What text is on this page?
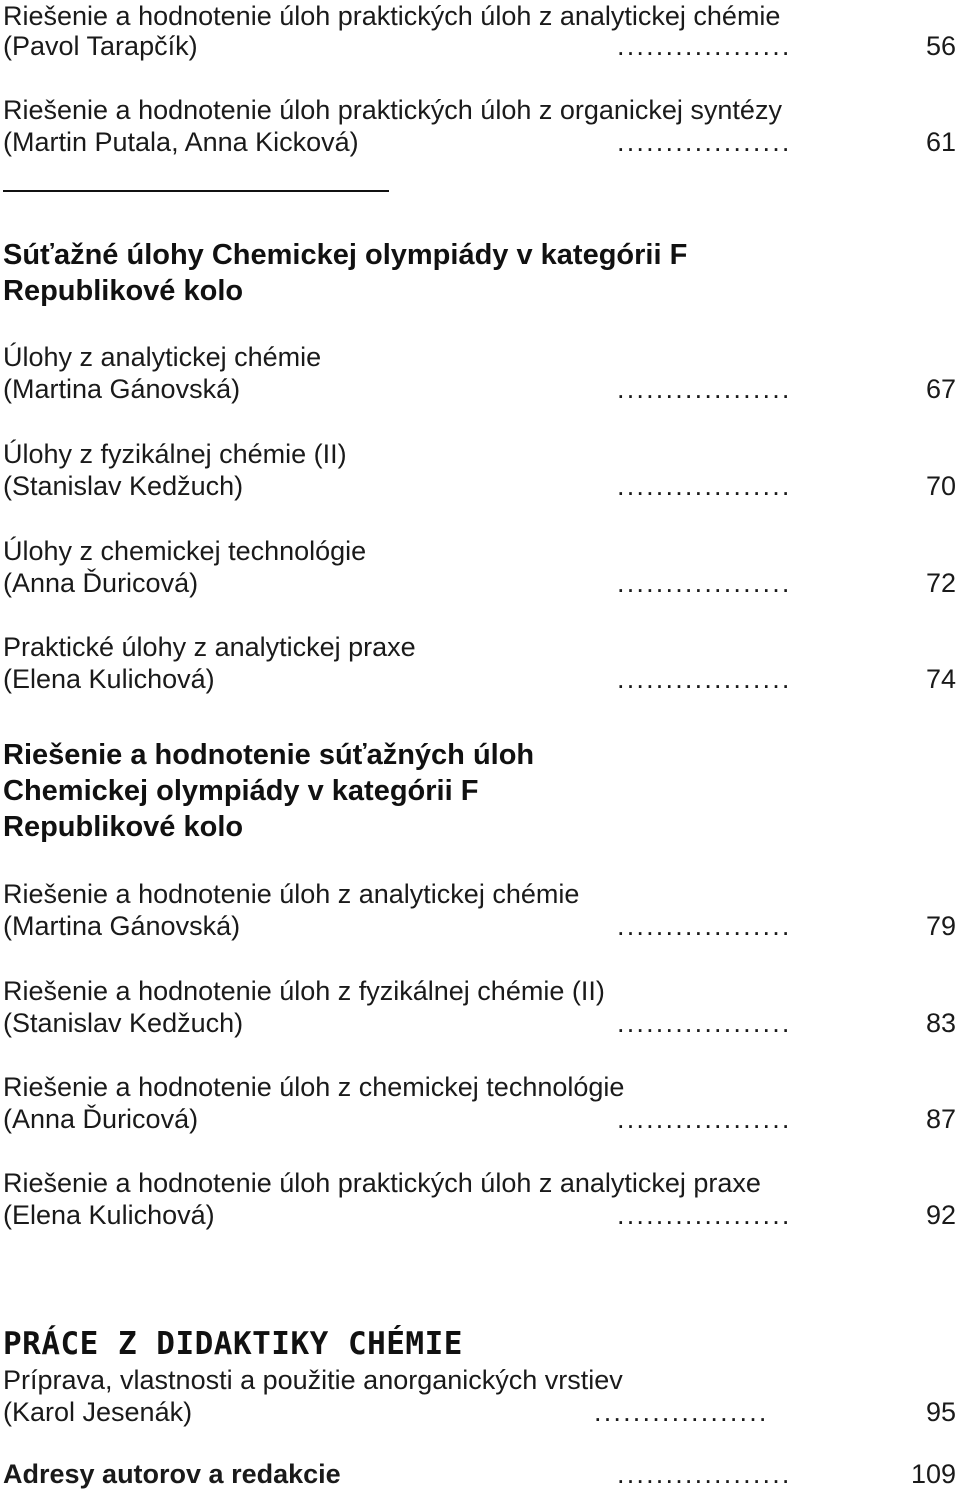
Riešenie a hodnotenie úloh praktických úloh z analytickej chémie
(Pavol Tarapčík)	..................	56
Riešenie a hodnotenie úloh praktických úloh z organickej syntézy
(Martin Putala, Anna Kicková)	..................	61
Súťažné úlohy Chemickej olympiády v kategórii F
Republikové kolo
Úlohy z analytickej chémie
(Martina Gánovská)	..................	67
Úlohy z fyzikálnej chémie (II)
(Stanislav Kedžuch)	..................	70
Úlohy z chemickej technológie
(Anna Ďuricová)	..................	72
Praktické úlohy z analytickej praxe
(Elena Kulichová)	..................	74
Riešenie a hodnotenie súťažných úloh
Chemickej olympiády v kategórii F
Republikové kolo
Riešenie a hodnotenie úloh z analytickej chémie
(Martina Gánovská)	..................	79
Riešenie a hodnotenie úloh z fyzikálnej chémie (II)
(Stanislav Kedžuch)	..................	83
Riešenie a hodnotenie úloh z chemickej technológie
(Anna Ďuricová)	..................	87
Riešenie a hodnotenie úloh praktických úloh z analytickej praxe
(Elena Kulichová)	..................	92
PRÁCE Z DIDAKTIKY CHÉMIE
Príprava, vlastnosti a použitie anorganických vrstiev
(Karol Jesenák)	..................	95
Adresy autorov a redakcie	..................	109
